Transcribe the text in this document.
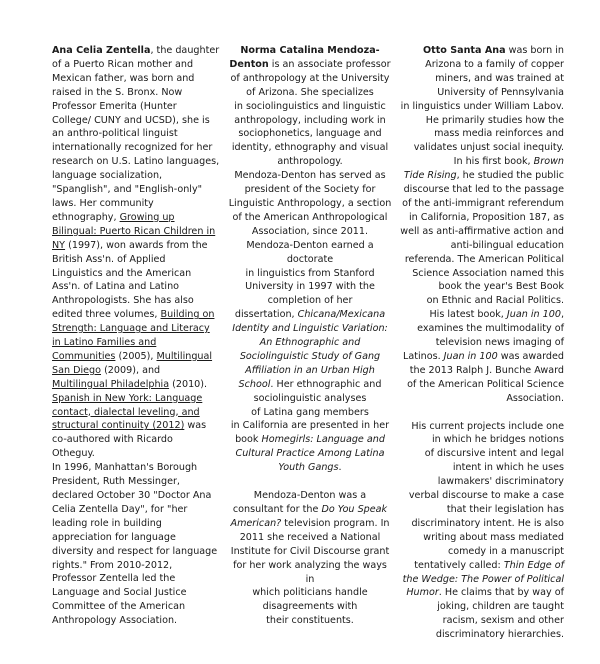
Ana Celia Zentella, the daughter
of a Puerto Rican mother and
Mexican father, was born and
raised in the S. Bronx. Now
Professor Emerita (Hunter
College/ CUNY and UCSD), she is
an anthro-political linguist
internationally recognized for her
research on U.S. Latino languages,
language socialization,
"Spanglish", and "English-only"
laws. Her community
ethnography, Growing up
Bilingual: Puerto Rican Children in
NY (1997), won awards from the
British Ass'n. of Applied
Linguistics and the American
Ass'n. of Latina and Latino
Anthropologists. She has also
edited three volumes, Building on
Strength: Language and Literacy
in Latino Families and
Communities (2005), Multilingual
San Diego (2009), and
Multilingual Philadelphia (2010).
Spanish in New York: Language
contact, dialectal leveling, and
structural continuity (2012) was
co-authored with Ricardo
Otheguy.
In 1996, Manhattan's Borough
President, Ruth Messinger,
declared October 30 "Doctor Ana
Celia Zentella Day", for "her
leading role in building
appreciation for language
diversity and respect for language
rights." From 2010-2012,
Professor Zentella led the
Language and Social Justice
Committee of the American
Anthropology Association.
Norma Catalina Mendoza-
Denton is an associate professor
of anthropology at the University
of Arizona. She specializes
in sociolinguistics and linguistic
anthropology, including work in
sociophonetics, language and
identity, ethnography and visual
anthropology.
Mendoza-Denton has served as
president of the Society for
Linguistic Anthropology, a section
of the American Anthropological
Association, since 2011.
Mendoza-Denton earned a
doctorate
in linguistics from Stanford
University in 1997 with the
completion of her
dissertation, Chicana/Mexicana
Identity and Linguistic Variation:
An Ethnographic and
Sociolinguistic Study of Gang
Affiliation in an Urban High
School. Her ethnographic and
sociolinguistic analyses
of Latina gang members
in California are presented in her
book Homegirls: Language and
Cultural Practice Among Latina
Youth Gangs.
Mendoza-Denton was a
consultant for the Do You Speak
American? television program. In
2011 she received a National
Institute for Civil Discourse grant
for her work analyzing the ways in
which politicians handle
disagreements with
their constituents.
Otto Santa Ana was born in
Arizona to a family of copper
miners, and was trained at
University of Pennsylvania
in linguistics under William Labov.
He primarily studies how the
mass media reinforces and
validates unjust social inequity.
In his first book, Brown
Tide Rising, he studied the public
discourse that led to the passage
of the anti-immigrant referendum
in California, Proposition 187, as
well as anti-affirmative action and
anti-bilingual education
referenda. The American Political
Science Association named this
book the year's Best Book
on Ethnic and Racial Politics.
His latest book, Juan in 100,
examines the multimodality of
television news imaging of
Latinos. Juan in 100 was awarded
the 2013 Ralph J. Bunche Award
of the American Political Science
Association.
His current projects include one
in which he bridges notions
of discursive intent and legal
intent in which he uses
lawmakers' discriminatory
verbal discourse to make a case
that their legislation has
discriminatory intent. He is also
writing about mass mediated
comedy in a manuscript
tentatively called: Thin Edge of
the Wedge: The Power of Political
Humor. He claims that by way of
joking, children are taught
racism, sexism and other
discriminatory hierarchies.
